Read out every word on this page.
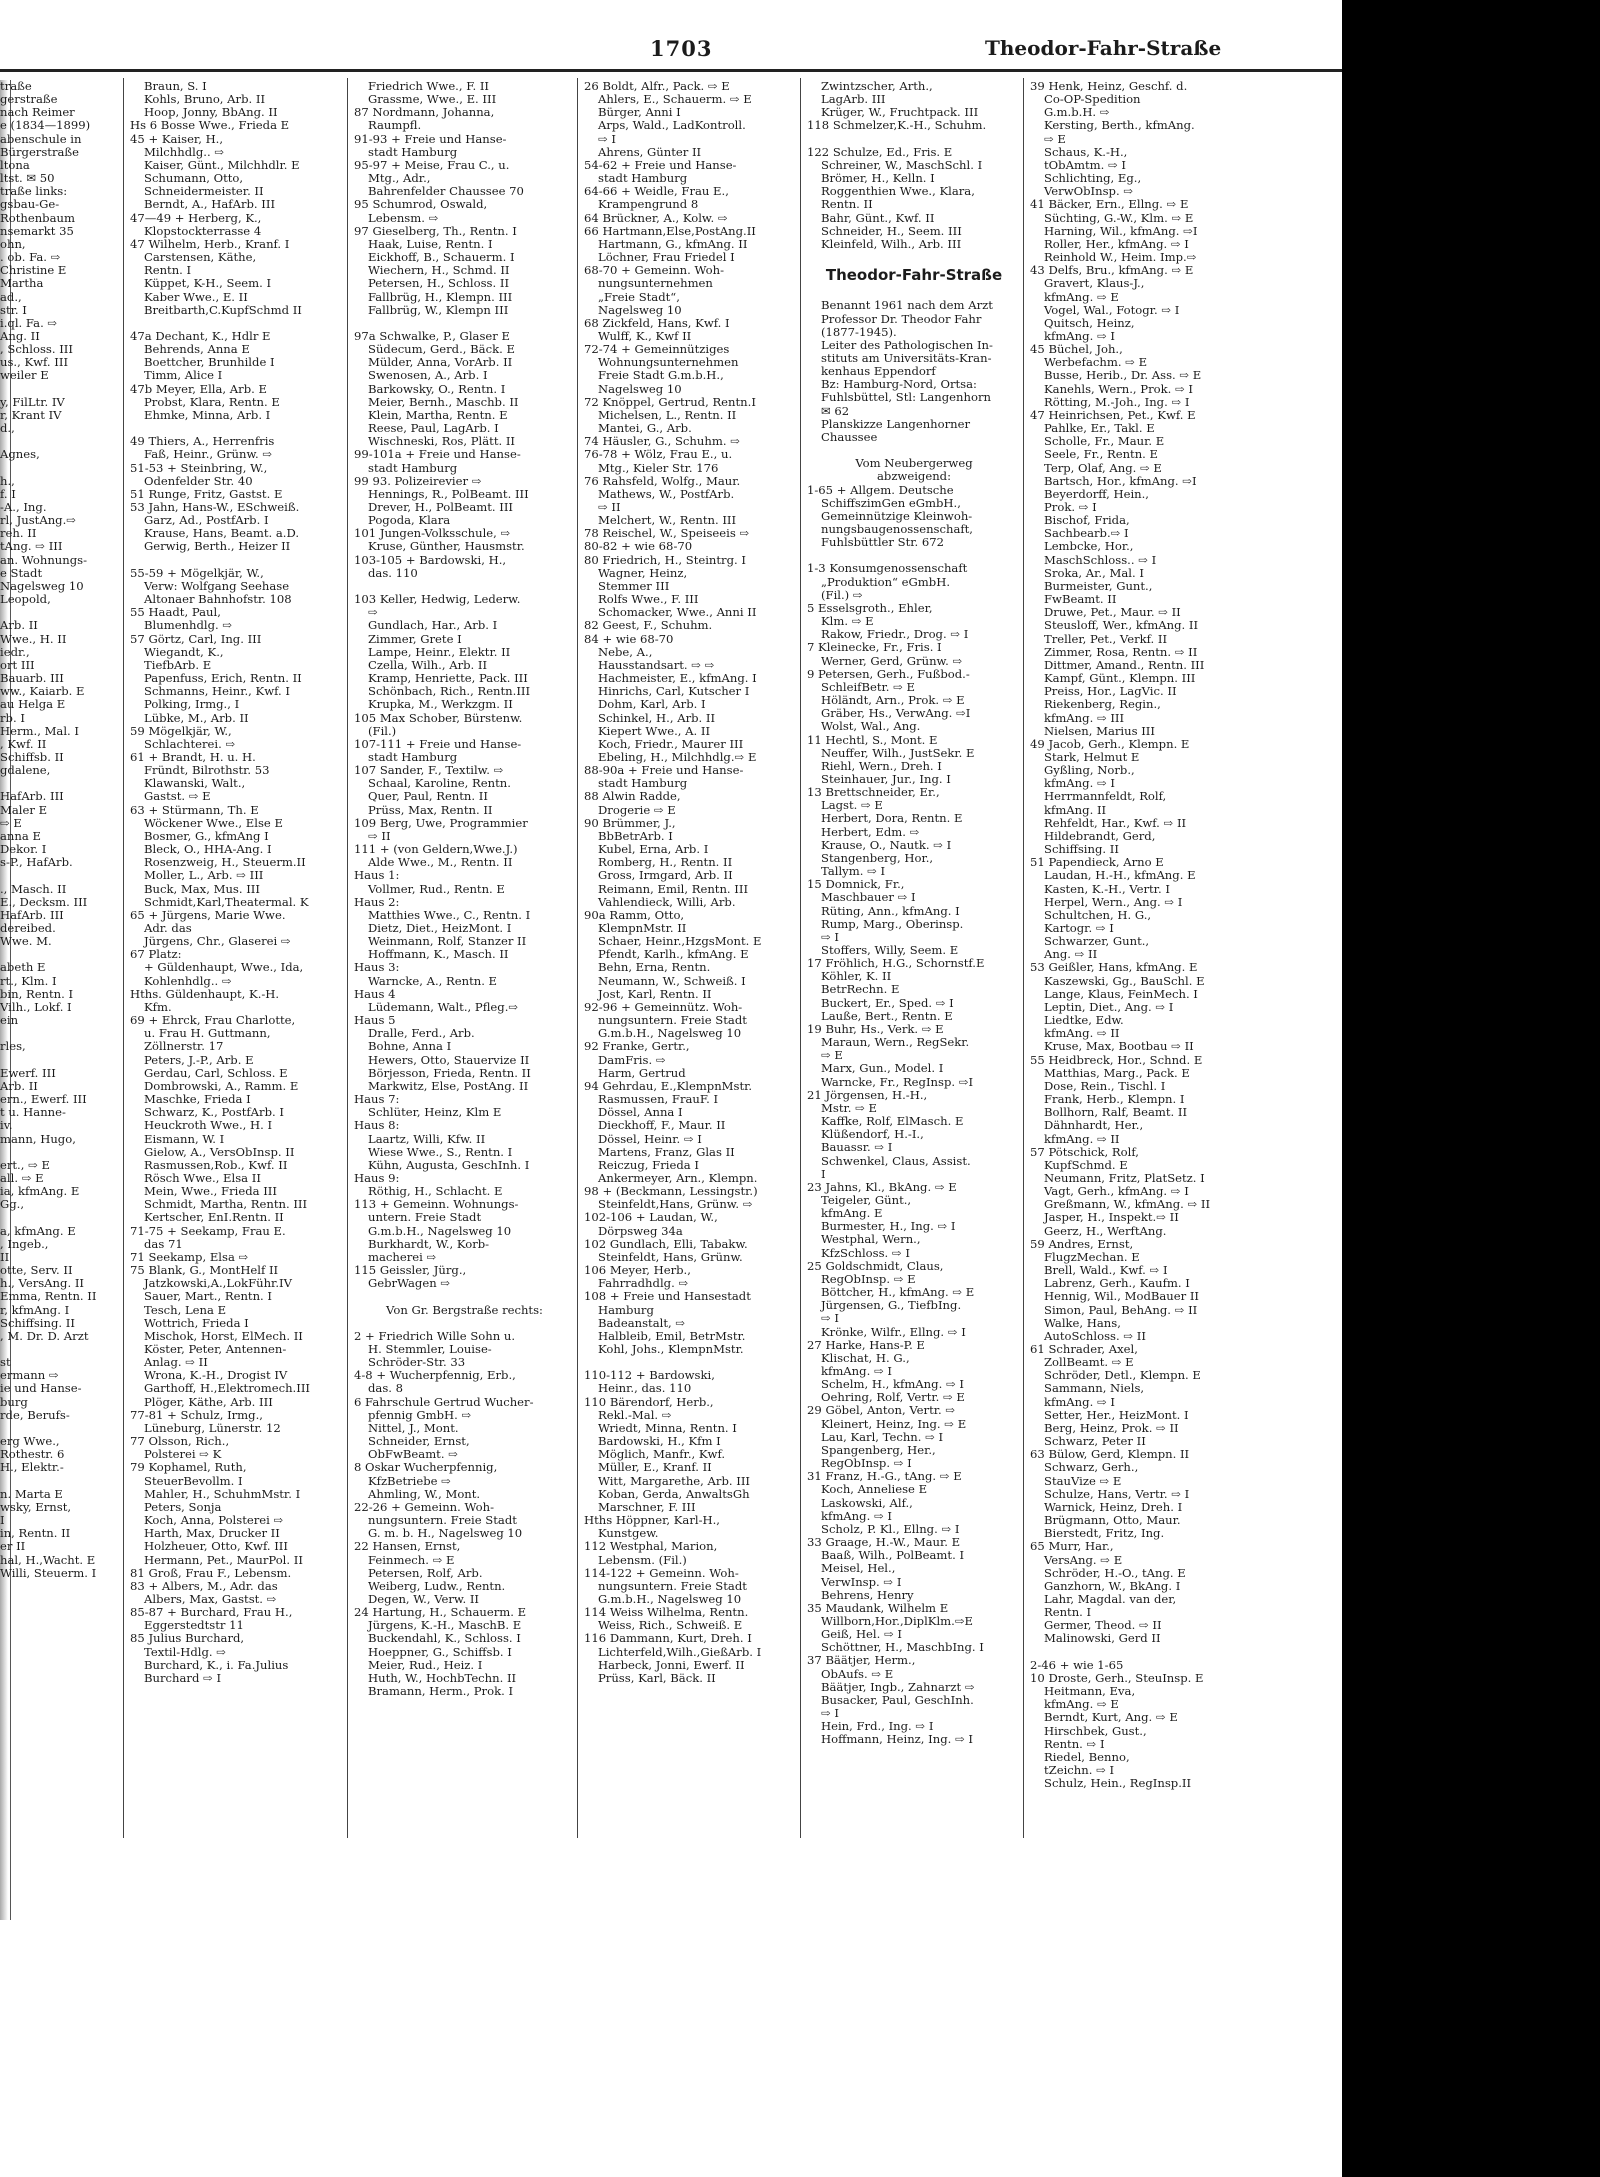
1703	Theodor-Fahr-Straße
traße
gerstraße
nach Reimer
e (1834—1899)
abenschule in
Bürgerstraße
ltona
ltst. ✉ 50
traße links:
gsbau-Ge-
Rothenbaum
nsemarkt 35
ohn,
. ob. Fa. ⇨
Christine E
Martha
ad.,
str. I
i.ql. Fa. ⇨
Ang. II
, Schloss. III
us., Kwf. III
weiler E

y, FilLtr. IV
r, Krant IV
d.,

Agnes,

h.,
f. I
-A., Ing.
rl, JustAng.⇨
reh. II
tAng. ⇨ III
an. Wohnungs-
e Stadt
Nagelsweg 10
Leopold,

Arb. II
Wwe., H. II
iedr.,
ort III
Bauarb. III
ww., Kaiarb. E
au Helga E
rb. I
Herm., Mal. I
, Kwf. II
Schiffsb. II
gdalene,

HafArb. III
Maler E
⇨ E
anna E
Dekor. I
s-P., HafArb.

., Masch. II
E., Decksm. III
HafArb. III
dereibed.
Wwe. M.

abeth E
rt., Klm. I
bin, Rentn. I
Vilh., Lokf. I
ein

rles,

Ewerf. III
Arb. II
ern., Ewerf. III
t u. Hanne-
iv.
mann, Hugo,

ert., ⇨ E
all. ⇨ E
ia, kfmAng. E
Gg.,

a, kfmAng. E
, Ingeb.,
II
otte, Serv. II
h., VersAng. II
Emma, Rentn. II
r, kfmAng. I
Schiffsing. II
, M. Dr. D. Arzt

st
ermann ⇨
ie und Hanse-
burg
rde, Berufs-

erg Wwe.,
Rothestr. 6
H., Elektr.-

n. Marta E
wsky, Ernst,
I
in, Rentn. II
er II
hal, H.,Wacht. E
Willi, Steuerm. I
Braun, S. I
Kohls, Bruno, Arb. II
Hoop, Jonny, BbAng. II
Hs 6 Bosse Wwe., Frieda E
45 + Kaiser, H.,
Milchhdlg.. ⇨
Kaiser, Günt., Milchhdlr. E
Schumann, Otto,
Schneidermeister. II
Berndt, A., HafArb. III
47—49 + Herberg, K.,
Klopstockterrasse 4
47 Wilhelm, Herb., Kranf. I
Carstensen, Käthe,
Rentn. I
Küppet, K-H., Seem. I
Kaber Wwe., E. II
Breitbarth,C.KupfSchmd II

47a Dechant, K., Hdlr E
Behrends, Anna E
Boettcher, Brunhilde I
Timm, Alice I
47b Meyer, Ella, Arb. E
Probst, Klara, Rentn. E
Ehmke, Minna, Arb. I

49 Thiers, A., Herrenfris
Faß, Heinr., Grünw. ⇨
51-53 + Steinbring, W.,
Odenfelder Str. 40
51 Runge, Fritz, Gastst. E
53 Jahn, Hans-W., ESchweiß.
Garz, Ad., PostfArb. I
Krause, Hans, Beamt. a.D.
Gerwig, Berth., Heizer II

55-59 + Mögelkjär, W.,
Verw: Wolfgang Seehase
Altonaer Bahnhofstr. 108
55 Haadt, Paul,
Blumenhdlg. ⇨
57 Görtz, Carl, Ing. III
Wiegandt, K.,
TiefbArb. E
Papenfuss, Erich, Rentn. II
Schmanns, Heinr., Kwf. I
Polking, Irmg., I
Lübke, M., Arb. II
59 Mögelkjär, W.,
Schlachterei. ⇨
61 + Brandt, H. u. H.
Fründt, Bilrothstr. 53
Klawanski, Walt.,
Gastst. ⇨ E
63 + Stürmann, Th. E
Wöckener Wwe., Else E
Bosmer, G., kfmAng I
Bleck, O., HHA-Ang. I
Rosenzweig, H., Steuerm.II
Moller, L., Arb. ⇨ III
Buck, Max, Mus. III
Schmidt,Karl,Theatermal. K
65 + Jürgens, Marie Wwe.
Adr. das
Jürgens, Chr., Glaserei ⇨
67 Platz:
+ Güldenhaupt, Wwe., Ida,
Kohlenhdlg.. ⇨
Hths. Güldenhaupt, K.-H.
Kfm.
69 + Ehrck, Frau Charlotte,
u. Frau H. Guttmann,
Zöllnerstr. 17
Peters, J.-P., Arb. E
Gerdau, Carl, Schloss. E
Dombrowski, A., Ramm. E
Maschke, Frieda I
Schwarz, K., PostfArb. I
Heuckroth Wwe., H. I
Eismann, W. I
Gielow, A., VersObInsp. II
Rasmussen,Rob., Kwf. II
Rösch Wwe., Elsa II
Mein, Wwe., Frieda III
Schmidt, Martha, Rentn. III
Kertscher, EnI.Rentn. II
71-75 + Seekamp, Frau E.
das 71
71 Seekamp, Elsa ⇨
75 Blank, G., MontHelf II
Jatzkowski,A.,LokFühr.IV
Sauer, Mart., Rentn. I
Tesch, Lena E
Wottrich, Frieda I
Mischok, Horst, ElMech. II
Köster, Peter, Antennen-
Anlag. ⇨ II
Wrona, K.-H., Drogist IV
Garthoff, H.,Elektromech.III
Plöger, Käthe, Arb. III
77-81 + Schulz, Irmg.,
Lüneburg, Lünerstr. 12
77 Olsson, Rich.,
Polsterei ⇨ K
79 Kophamel, Ruth,
SteuerBevollm. I
Mahler, H., SchuhmMstr. I
Peters, Sonja
Koch, Anna, Polsterei ⇨
Harth, Max, Drucker II
Holzheuer, Otto, Kwf. III
Hermann, Pet., MaurPol. II
81 Groß, Frau F., Lebensm.
83 + Albers, M., Adr. das
Albers, Max, Gastst. ⇨
85-87 + Burchard, Frau H.,
Eggerstedtstr 11
85 Julius Burchard,
Textil-Hdlg. ⇨
Burchard, K., i. Fa.Julius
Burchard ⇨ I
Friedrich Wwe., F. II
Grassme, Wwe., E. III
87 Nordmann, Johanna,
Raumpfl.
91-93 + Freie und Hanse-
stadt Hamburg
95-97 + Meise, Frau C., u.
Mtg., Adr.,
Bahrenfelder Chaussee 70
95 Schumrod, Oswald,
Lebensm. ⇨
97 Gieselberg, Th., Rentn. I
Haak, Luise, Rentn. I
Eickhoff, B., Schauerm. I
Wiechern, H., Schmd. II
Petersen, H., Schloss. II
Fallbrüg, H., Klempn. III
Fallbrüg, W., Klempn III

97a Schwalke, P., Glaser E
Südecum, Gerd., Bäck. E
Mülder, Anna, VorArb. II
Swenosen, A., Arb. I
Barkowsky, O., Rentn. I
Meier, Bernh., Maschb. II
Klein, Martha, Rentn. E
Reese, Paul, LagArb. I
Wischneski, Ros, Plätt. II
99-101a + Freie und Hanse-
stadt Hamburg
99 93. Polizeirevier ⇨
Hennings, R., PolBeamt. III
Drever, H., PolBeamt. III
Pogoda, Klara
101 Jungen-Volksschule, ⇨
Kruse, Günther, Hausmstr.
103-105 + Bardowski, H.,
das. 110

103 Keller, Hedwig, Lederw.
⇨
Gundlach, Har., Arb. I
Zimmer, Grete I
Lampe, Heinr., Elektr. II
Czella, Wilh., Arb. II
Kramp, Henriette, Pack. III
Schönbach, Rich., Rentn.III
Krupka, M., Werkzgm. II
105 Max Schober, Bürstenw.
(Fil.)
107-111 + Freie und Hanse-
stadt Hamburg
107 Sander, F., Textilw. ⇨
Schaal, Karoline, Rentn.
Quer, Paul, Rentn. II
Prüss, Max, Rentn. II
109 Berg, Uwe, Programmier
⇨ II
111 + (von Geldern,Wwe.J.)
Alde Wwe., M., Rentn. II
Haus 1:
Vollmer, Rud., Rentn. E
Haus 2:
Matthies Wwe., C., Rentn. I
Dietz, Diet., HeizMont. I
Weinmann, Rolf, Stanzer II
Hoffmann, K., Masch. II
Haus 3:
Warncke, A., Rentn. E
Haus 4
Lüdemann, Walt., Pfleg.⇨
Haus 5
Dralle, Ferd., Arb.
Bohne, Anna I
Hewers, Otto, Stauervize II
Börjesson, Frieda, Rentn. II
Markwitz, Else, PostAng. II
Haus 7:
Schlüter, Heinz, Klm E
Haus 8:
Laartz, Willi, Kfw. II
Wiese Wwe., S., Rentn. I
Kühn, Augusta, GeschInh. I
Haus 9:
Röthig, H., Schlacht. E
113 + Gemeinn. Wohnungs-
untern. Freie Stadt
G.m.b.H., Nagelsweg 10
Burkhardt, W., Korb-
macherei ⇨
115 Geissler, Jürg.,
GebrWagen ⇨

Von Gr. Bergstraße rechts:

2 + Friedrich Wille Sohn u.
H. Stemmler, Louise-
Schröder-Str. 33
4-8 + Wucherpfennig, Erb.,
das. 8
6 Fahrschule Gertrud Wucher-
pfennig GmbH. ⇨
Nittel, J., Mont.
Schneider, Ernst,
ObFwBeamt. ⇨
8 Oskar Wucherpfennig,
KfzBetriebe ⇨
Ahmling, W., Mont.
22-26 + Gemeinn. Woh-
nungsuntern. Freie Stadt
G. m. b. H., Nagelsweg 10
22 Hansen, Ernst,
Feinmech. ⇨ E
Petersen, Rolf, Arb.
Weiberg, Ludw., Rentn.
Degen, W., Verw. II
24 Hartung, H., Schauerm. E
Jürgens, K.-H., MaschB. E
Buckendahl, K., Schloss. I
Hoeppner, G., Schiffsb. I
Meier, Rud., Heiz. I
Huth, W., HochbTechn. II
Bramann, Herm., Prok. I
26 Boldt, Alfr., Pack. ⇨ E
Ahlers, E., Schauerm. ⇨ E
Bürger, Anni I
Arps, Wald., LadKontroll.
⇨ I
Ahrens, Günter II
54-62 + Freie und Hanse-
stadt Hamburg
64-66 + Weidle, Frau E.,
Krampengrund 8
64 Brückner, A., Kolw. ⇨
66 Hartmann,Else,PostAng.II
Hartmann, G., kfmAng. II
Löchner, Frau Friedel I
68-70 + Gemeinn. Woh-
nungsunternehmen
„Freie Stadt“,
Nagelsweg 10
68 Zickfeld, Hans, Kwf. I
Wulff, K., Kwf II
72-74 + Gemeinnütziges
Wohnungsunternehmen
Freie Stadt G.m.b.H.,
Nagelsweg 10
72 Knöppel, Gertrud, Rentn.I
Michelsen, L., Rentn. II
Mantei, G., Arb.
74 Häusler, G., Schuhm. ⇨
76-78 + Wölz, Frau E., u.
Mtg., Kieler Str. 176
76 Rahsfeld, Wolfg., Maur.
Mathews, W., PostfArb.
⇨ II
Melchert, W., Rentn. III
78 Reischel, W., Speiseeis ⇨
80-82 + wie 68-70
80 Friedrich, H., Steintrg. I
Wagner, Heinz,
Stemmer III
Rolfs Wwe., F. III
Schomacker, Wwe., Anni II
82 Geest, F., Schuhm.
84 + wie 68-70
Nebe, A.,
Hausstandsart. ⇨ ⇨
Hachmeister, E., kfmAng. I
Hinrichs, Carl, Kutscher I
Dohm, Karl, Arb. I
Schinkel, H., Arb. II
Kiepert Wwe., A. II
Koch, Friedr., Maurer III
Ebeling, H., Milchhdlg.⇨ E
88-90a + Freie und Hanse-
stadt Hamburg
88 Alwin Radde,
Drogerie ⇨ E
90 Brümmer, J.,
BbBetrArb. I
Kubel, Erna, Arb. I
Romberg, H., Rentn. II
Gross, Irmgard, Arb. II
Reimann, Emil, Rentn. III
Vahlendieck, Willi, Arb.
90a Ramm, Otto,
KlempnMstr. II
Schaer, Heinr.,HzgsMont. E
Pfendt, Karlh., kfmAng. E
Behn, Erna, Rentn.
Neumann, W., Schweiß. I
Jost, Karl, Rentn. II
92-96 + Gemeinnütz. Woh-
nungsuntern. Freie Stadt
G.m.b.H., Nagelsweg 10
92 Franke, Gertr.,
DamFris. ⇨
Harm, Gertrud
94 Gehrdau, E.,KlempnMstr.
Rasmussen, FrauF. I
Dössel, Anna I
Dieckhoff, F., Maur. II
Dössel, Heinr. ⇨ I
Martens, Franz, Glas II
Reiczug, Frieda I
Ankermeyer, Arn., Klempn.
98 + (Beckmann, Lessingstr.)
Steinfeldt,Hans, Grünw. ⇨
102-106 + Laudan, W.,
Dörpsweg 34a
102 Gundlach, Elli, Tabakw.
Steinfeldt, Hans, Grünw.
106 Meyer, Herb.,
Fahrradhdlg. ⇨
108 + Freie und Hansestadt
Hamburg
Badeanstalt, ⇨
Halbleib, Emil, BetrMstr.
Kohl, Johs., KlempnMstr.

110-112 + Bardowski,
Heinr., das. 110
110 Bärendorf, Herb.,
Rekl.-Mal. ⇨
Wriedt, Minna, Rentn. I
Bardowski, H., Kfm I
Möglich, Manfr., Kwf.
Müller, E., Kranf. II
Witt, Margarethe, Arb. III
Koban, Gerda, AnwaltsGh
Marschner, F. III
Hths Höppner, Karl-H.,
Kunstgew.
112 Westphal, Marion,
Lebensm. (Fil.)
114-122 + Gemeinn. Woh-
nungsuntern. Freie Stadt
G.m.b.H., Nagelsweg 10
114 Weiss Wilhelma, Rentn.
Weiss, Rich., Schweiß. E
116 Dammann, Kurt, Dreh. I
Lichterfeld,Wilh.,GießArb. I
Harbeck, Jonni, Ewerf. II
Prüss, Karl, Bäck. II
Zwintzscher, Arth.,
LagArb. III
Krüger, W., Fruchtpack. III
118 Schmelzer,K.-H., Schuhm.

122 Schulze, Ed., Fris. E
Schreiner, W., MaschSchl. I
Brömer, H., Kelln. I
Roggenthien Wwe., Klara,
Rentn. II
Bahr, Günt., Kwf. II
Schneider, H., Seem. III
Kleinfeld, Wilh., Arb. III

Theodor-Fahr-Straße

Benannt 1961 nach dem Arzt
Professor Dr. Theodor Fahr
(1877-1945).
Leiter des Pathologischen In-
stituts am Universitäts-Kran-
kenhaus Eppendorf
Bz: Hamburg-Nord, Ortsa:
Fuhlsbüttel, Stl: Langenhorn
✉ 62
Planskizze Langenhorner
Chaussee

Vom Neubergerweg
abzweigend:
1-65 + Allgem. Deutsche
SchiffszimGen eGmbH.,
Gemeinnützige Kleinwoh-
nungsbaugenossenschaft,
Fuhlsbüttler Str. 672

1-3 Konsumgenossenschaft
„Produktion“ eGmbH.
(Fil.) ⇨
5 Esselsgroth., Ehler,
Klm. ⇨ E
Rakow, Friedr., Drog. ⇨ I
7 Kleinecke, Fr., Fris. I
Werner, Gerd, Grünw. ⇨
9 Petersen, Gerh., Fußbod.-
SchleifBetr. ⇨ E
Höländt, Arn., Prok. ⇨ E
Gräber, Hs., VerwAng. ⇨I
Wolst, Wal., Ang.
11 Hechtl, S., Mont. E
Neuffer, Wilh., JustSekr. E
Riehl, Wern., Dreh. I
Steinhauer, Jur., Ing. I
13 Brettschneider, Er.,
Lagst. ⇨ E
Herbert, Dora, Rentn. E
Herbert, Edm. ⇨
Krause, O., Nautk. ⇨ I
Stangenberg, Hor.,
Tallym. ⇨ I
15 Domnick, Fr.,
Maschbauer ⇨ I
Rüting, Ann., kfmAng. I
Rump, Marg., Oberinsp.
⇨ I
Stoffers, Willy, Seem. E
17 Fröhlich, H.G., Schornstf.E
Köhler, K. II
BetrRechn. E
Buckert, Er., Sped. ⇨ I
Lauße, Bert., Rentn. E
19 Buhr, Hs., Verk. ⇨ E
Maraun, Wern., RegSekr.
⇨ E
Marx, Gun., Model. I
Warncke, Fr., RegInsp. ⇨I
21 Jörgensen, H.-H.,
Mstr. ⇨ E
Kaffke, Rolf, ElMasch. E
Klüßendorf, H.-I.,
Bauassr. ⇨ I
Schwenkel, Claus, Assist.
I
23 Jahns, Kl., BkAng. ⇨ E
Teigeler, Günt.,
kfmAng. E
Burmester, H., Ing. ⇨ I
Westphal, Wern.,
KfzSchloss. ⇨ I
25 Goldschmidt, Claus,
RegObInsp. ⇨ E
Böttcher, H., kfmAng. ⇨ E
Jürgensen, G., TiefbIng.
⇨ I
Krönke, Wilfr., Ellng. ⇨ I
27 Harke, Hans-P. E
Klischat, H. G.,
kfmAng. ⇨ I
Schelm, H., kfmAng. ⇨ I
Oehring, Rolf, Vertr. ⇨ E
29 Göbel, Anton, Vertr. ⇨
Kleinert, Heinz, Ing. ⇨ E
Lau, Karl, Techn. ⇨ I
Spangenberg, Her.,
RegObInsp. ⇨ I
31 Franz, H.-G., tAng. ⇨ E
Koch, Anneliese E
Laskowski, Alf.,
kfmAng. ⇨ I
Scholz, P. Kl., Ellng. ⇨ I
33 Graage, H.-W., Maur. E
Baaß, Wilh., PolBeamt. I
Meisel, Hel.,
VerwInsp. ⇨ I
Behrens, Henry
35 Maudank, Wilhelm E
Willborn,Hor.,DiplKlm.⇨E
Geiß, Hel. ⇨ I
Schöttner, H., MaschbIng. I
37 Bäätjer, Herm.,
ObAufs. ⇨ E
Bäätjer, Ingb., Zahnarzt ⇨
Busacker, Paul, GeschInh.
⇨ I
Hein, Frd., Ing. ⇨ I
Hoffmann, Heinz, Ing. ⇨ I
39 Henk, Heinz, Geschf. d.
Co-OP-Spedition
G.m.b.H. ⇨
Kersting, Berth., kfmAng.
⇨ E
Schaus, K.-H.,
tObAmtm. ⇨ I
Schlichting, Eg.,
VerwObInsp. ⇨
41 Bäcker, Ern., Ellng. ⇨ E
Süchting, G.-W., Klm. ⇨ E
Harning, Wil., kfmAng. ⇨I
Roller, Her., kfmAng. ⇨ I
Reinhold W., Heim. Imp.⇨
43 Delfs, Bru., kfmAng. ⇨ E
Gravert, Klaus-J.,
kfmAng. ⇨ E
Vogel, Wal., Fotogr. ⇨ I
Quitsch, Heinz,
kfmAng. ⇨ I
45 Büchel, Joh.,
Werbefachm. ⇨ E
Busse, Herib., Dr. Ass. ⇨ E
Kanehls, Wern., Prok. ⇨ I
Rötting, M.-Joh., Ing. ⇨ I
47 Heinrichsen, Pet., Kwf. E
Pahlke, Er., Takl. E
Scholle, Fr., Maur. E
Seele, Fr., Rentn. E
Terp, Olaf, Ang. ⇨ E
Bartsch, Hor., kfmAng. ⇨I
Beyerdorff, Hein.,
Prok. ⇨ I
Bischof, Frida,
Sachbearb.⇨ I
Lembcke, Hor.,
MaschSchloss.. ⇨ I
Sroka, Ar., Mal. I
Burmeister, Gunt.,
FwBeamt. II
Druwe, Pet., Maur. ⇨ II
Steusloff, Wer., kfmAng. II
Treller, Pet., Verkf. II
Zimmer, Rosa, Rentn. ⇨ II
Dittmer, Amand., Rentn. III
Kampf, Günt., Klempn. III
Preiss, Hor., LagVic. II
Riekenberg, Regin.,
kfmAng. ⇨ III
Nielsen, Marius III
49 Jacob, Gerh., Klempn. E
Stark, Helmut E
Gyßling, Norb.,
kfmAng. ⇨ I
Herrmannfeldt, Rolf,
kfmAng. II
Rehfeldt, Har., Kwf. ⇨ II
Hildebrandt, Gerd,
Schiffsing. II
51 Papendieck, Arno E
Laudan, H.-H., kfmAng. E
Kasten, K.-H., Vertr. I
Herpel, Wern., Ang. ⇨ I
Schultchen, H. G.,
Kartogr. ⇨ I
Schwarzer, Gunt.,
Ang. ⇨ II
53 Geißler, Hans, kfmAng. E
Kaszewski, Gg., BauSchl. E
Lange, Klaus, FeinMech. I
Leptin, Diet., Ang. ⇨ I
Liedtke, Edw.
kfmAng. ⇨ II
Kruse, Max, Bootbau ⇨ II
55 Heidbreck, Hor., Schnd. E
Matthias, Marg., Pack. E
Dose, Rein., Tischl. I
Frank, Herb., Klempn. I
Bollhorn, Ralf, Beamt. II
Dähnhardt, Her.,
kfmAng. ⇨ II
57 Pötschick, Rolf,
KupfSchmd. E
Neumann, Fritz, PlatSetz. I
Vagt, Gerh., kfmAng. ⇨ I
Greßmann, W., kfmAng. ⇨ II
Jasper, H., Inspekt.⇨ II
Geerz, H., WerftAng.
59 Andres, Ernst,
FlugzMechan. E
Brell, Wald., Kwf. ⇨ I
Labrenz, Gerh., Kaufm. I
Hennig, Wil., ModBauer II
Simon, Paul, BehAng. ⇨ II
Walke, Hans,
AutoSchloss. ⇨ II
61 Schrader, Axel,
ZollBeamt. ⇨ E
Schröder, Detl., Klempn. E
Sammann, Niels,
kfmAng. ⇨ I
Setter, Her., HeizMont. I
Berg, Heinz, Prok. ⇨ II
Schwarz, Peter II
63 Bülow, Gerd, Klempn. II
Schwarz, Gerh.,
StauVize ⇨ E
Schulze, Hans, Vertr. ⇨ I
Warnick, Heinz, Dreh. I
Brügmann, Otto, Maur.
Bierstedt, Fritz, Ing.
65 Murr, Har.,
VersAng. ⇨ E
Schröder, H.-O., tAng. E
Ganzhorn, W., BkAng. I
Lahr, Magdal. van der,
Rentn. I
Germer, Theod. ⇨ II
Malinowski, Gerd II

2-46 + wie 1-65
10 Droste, Gerh., SteuInsp. E
Heitmann, Eva,
kfmAng. ⇨ E
Berndt, Kurt, Ang. ⇨ E
Hirschbek, Gust.,
Rentn. ⇨ I
Riedel, Benno,
tZeichn. ⇨ I
Schulz, Hein., RegInsp.II
